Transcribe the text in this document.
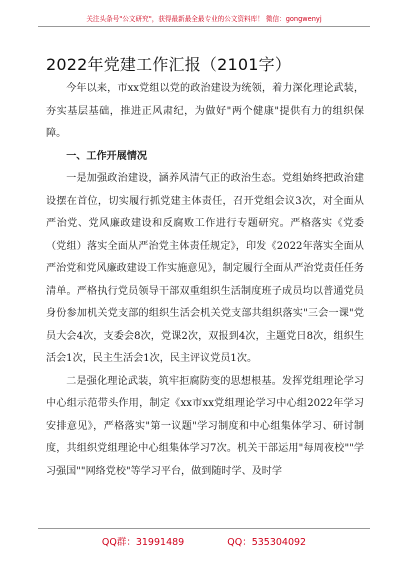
关注头条号"公文研究"，获得最新最全最专业的公文资料库！ 微信：gongwenyj
2022年党建工作汇报（2101字）

今年以来，市xx党组以党的政治建设为统领，着力深化理论武装，夯实基层基础，推进正风肃纪，为做好"两个健康"提供有力的组织保障。

一、工作开展情况

一是加强政治建设，涵养风清气正的政治生态。党组始终把政治建设摆在首位，切实履行抓党建主体责任，召开党组会议3次，对全面从严治党、党风廉政建设和反腐败工作进行专题研究。严格落实《党委（党组）落实全面从严治党主体责任规定》，印发《2022年落实全面从严治党和党风廉政建设工作实施意见》，制定履行全面从严治党责任任务清单。严格执行党员领导干部双重组织生活制度班子成员均以普通党员身份参加机关党支部的组织生活会机关党支部共组织落实"三会一课"党员大会4次，支委会8次，党课2次，双报到4次，主题党日8次，组织生活会1次，民主生活会1次，民主评议党员1次。

二是强化理论武装，筑牢拒腐防变的思想根基。发挥党组理论学习中心组示范带头作用，制定《xx市xx党组理论学习中心组2022年学习安排意见》，严格落实"第一议题"学习制度和中心组集体学习、研讨制度，共组织党组理论中心组集体学习7次。机关干部运用"每周夜校""学习强国""网络党校"等学习平台，做到随时学、及时学

QQ群：31991489	QQ：535304092
